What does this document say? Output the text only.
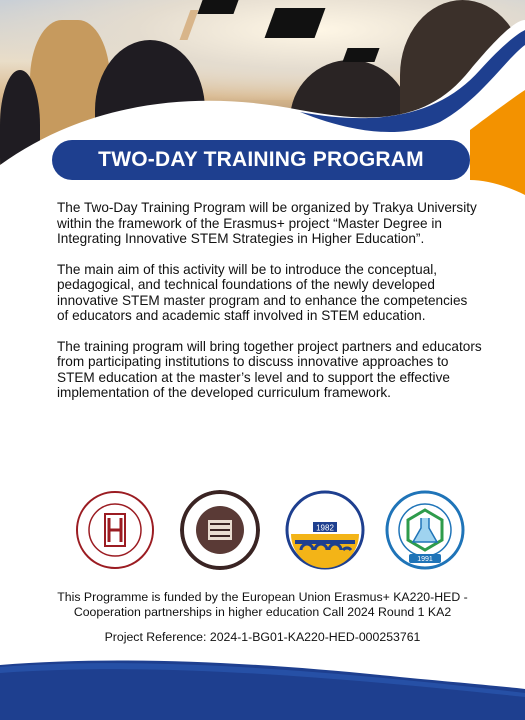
TWO-DAY TRAINING PROGRAM

The Two-Day Training Program will be organized by Trakya University within the framework of the Erasmus+ project “Master Degree in Integrating Innovative STEM Strategies in Higher Education”.

The main aim of this activity will be to introduce the conceptual, pedagogical, and technical foundations of the newly developed innovative STEM master program and to enhance the competencies of educators and academic staff involved in STEM education.

The training program will bring together project partners and educators from participating institutions to discuss innovative approaches to STEM education at the master’s level and to support the effective implementation of the developed curriculum framework.

1982
1991
This Programme is funded by the European Union Erasmus+ KA220-HED -
Cooperation partnerships in higher education Call 2024 Round 1 KA2
Project Reference: 2024-1-BG01-KA220-HED-000253761
